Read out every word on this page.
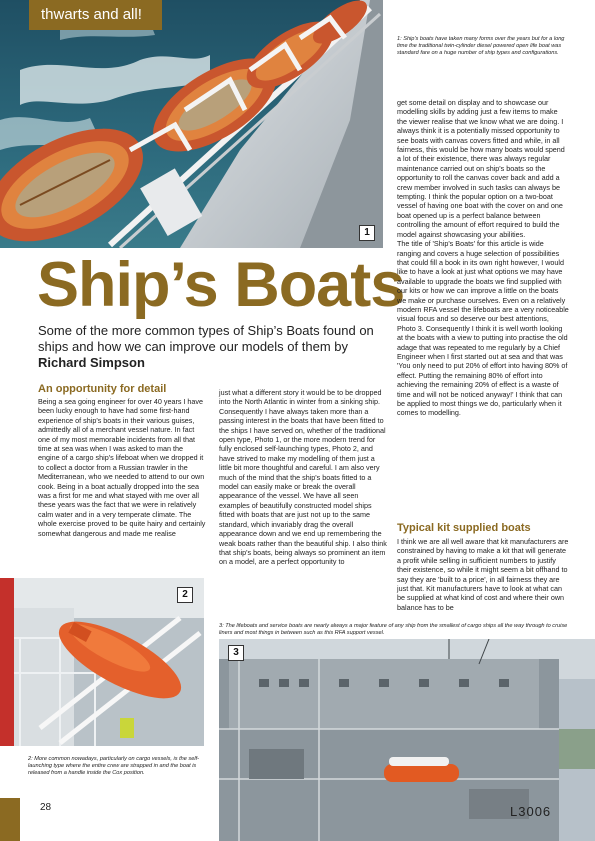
1
thwarts and all!
1: Ship's boats have taken many forms over the years but for a long time the traditional twin-cylinder diesel powered open life boat was standard fare on a huge number of ship types and configurations.
Ship’s Boats
Some of the more common types of Ship’s Boats found on ships and how we can improve our models of them by Richard Simpson
An opportunity for detail
Being a sea going engineer for over 40 years I have been lucky enough to have had some first-hand experience of ship's boats in their various guises, admittedly all of a merchant vessel nature. In fact one of my most memorable incidents from all that time at sea was when I was asked to man the engine of a cargo ship's lifeboat when we dropped it to collect a doctor from a Russian trawler in the Mediterranean, who we needed to attend to our own cook. Being in a boat actually dropped into the sea was a first for me and what stayed with me over all these years was the fact that we were in relatively calm water and in a very temperate climate. The whole exercise proved to be quite hairy and certainly somewhat dangerous and made me realise
just what a different story it would be to be dropped into the North Atlantic in winter from a sinking ship.
Consequently I have always taken more than a passing interest in the boats that have been fitted to the ships I have served on, whether of the traditional open type, Photo 1, or the more modern trend for fully enclosed self-launching types, Photo 2, and have strived to make my modelling of them just a little bit more thoughtful and careful. I am also very much of the mind that the ship's boats fitted to a model can easily make or break the overall appearance of the vessel. We have all seen examples of beautifully constructed model ships fitted with boats that are just not up to the same standard, which invariably drag the overall appearance down and we end up remembering the weak boats rather than the beautiful ship. I also think that ship's boats, being always so prominent an item on a model, are a perfect opportunity to
get some detail on display and to showcase our modelling skills by adding just a few items to make the viewer realise that we know what we are doing. I always think it is a potentially missed opportunity to see boats with canvas covers fitted and while, in all fairness, this would be how many boats would spend a lot of their existence, there was always regular maintenance carried out on ship's boats so the opportunity to roll the canvas cover back and add a crew member involved in such tasks can always be tempting. I think the popular option on a two-boat vessel of having one boat with the cover on and one boat opened up is a perfect balance between controlling the amount of effort required to build the model against showcasing your abilities.
The title of 'Ship's Boats' for this article is wide ranging and covers a huge selection of possibilities that could fill a book in its own right however, I would like to have a look at just what options we may have available to upgrade the boats we find supplied with our kits or how we can improve a little on the boats we make or purchase ourselves. Even on a relatively modern RFA vessel the lifeboats are a very noticeable visual focus and so deserve our best attentions, Photo 3. Consequently I think it is well worth looking at the boats with a view to putting into practise the old adage that was repeated to me regularly by a Chief Engineer when I first started out at sea and that was 'You only need to put 20% of effort into having 80% of effect. Putting the remaining 80% of effort into achieving the remaining 20% of effect is a waste of time and will not be noticed anyway!' I think that can be applied to most things we do, particularly when it comes to modelling.
Typical kit supplied boats
I think we are all well aware that kit manufacturers are constrained by having to make a kit that will generate a profit while selling in sufficient numbers to justify their existence, so while it might seem a bit offhand to say they are 'built to a price', in all fairness they are just that. Kit manufacturers have to look at what can be supplied at what kind of cost and where their own balance has to be
2
2: More common nowadays, particularly on cargo vessels, is the self-launching type where the entire crew are strapped in and the boat is released from a handle inside the Cox position.
3: The lifeboats and service boats are nearly always a major feature of any ship from the smallest of cargo ships all the way through to cruise liners and most things in between such as this RFA support vessel.
3
L3006
28
